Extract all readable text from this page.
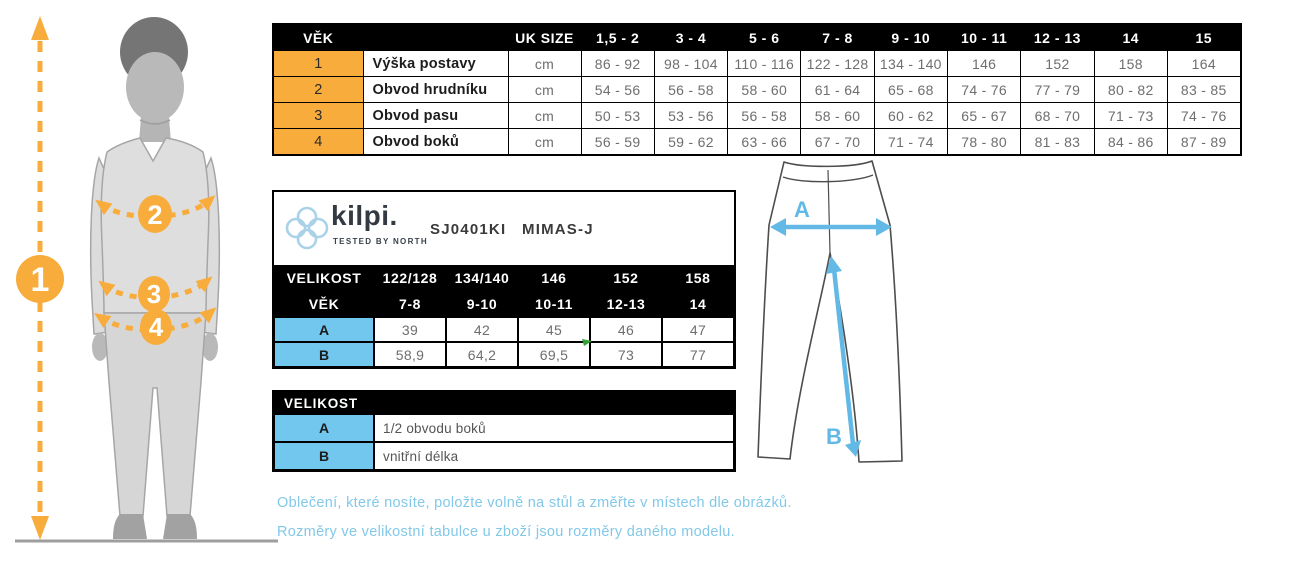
1
2
3
4
VĚK		UK SIZE	1,5 - 2	3 - 4	5 - 6	7 - 8	9 - 10	10 - 11	12 - 13	14	15
1	Výška postavy	cm	86 - 92	98 - 104	110 - 116	122 - 128	134 - 140	146	152	158	164
2	Obvod hrudníku	cm	54 - 56	56 - 58	58 - 60	61 - 64	65 - 68	74 - 76	77 - 79	80 - 82	83 - 85
3	Obvod pasu	cm	50 - 53	53 - 56	56 - 58	58 - 60	60 - 62	65 - 67	68 - 70	71 - 73	74 - 76
4	Obvod boků	cm	56 - 59	59 - 62	63 - 66	67 - 70	71 - 74	78 - 80	81 - 83	84 - 86	87 - 89
kilpi.
TESTED BY NORTH
SJ0401KI MIMAS-J
VELIKOST	122/128	134/140	146	152	158
VĚK	7-8	9-10	10-11	12-13	14
A	39	42	45	46	47
B	58,9	64,2	69,5	73	77
VELIKOST
A	1/2 obvodu boků
B	vnitřní délka
A
B
Oblečení, které nosíte, položte volně na stůl a změřte v místech dle obrázků.
Rozměry ve velikostní tabulce u zboží jsou rozměry daného modelu.
